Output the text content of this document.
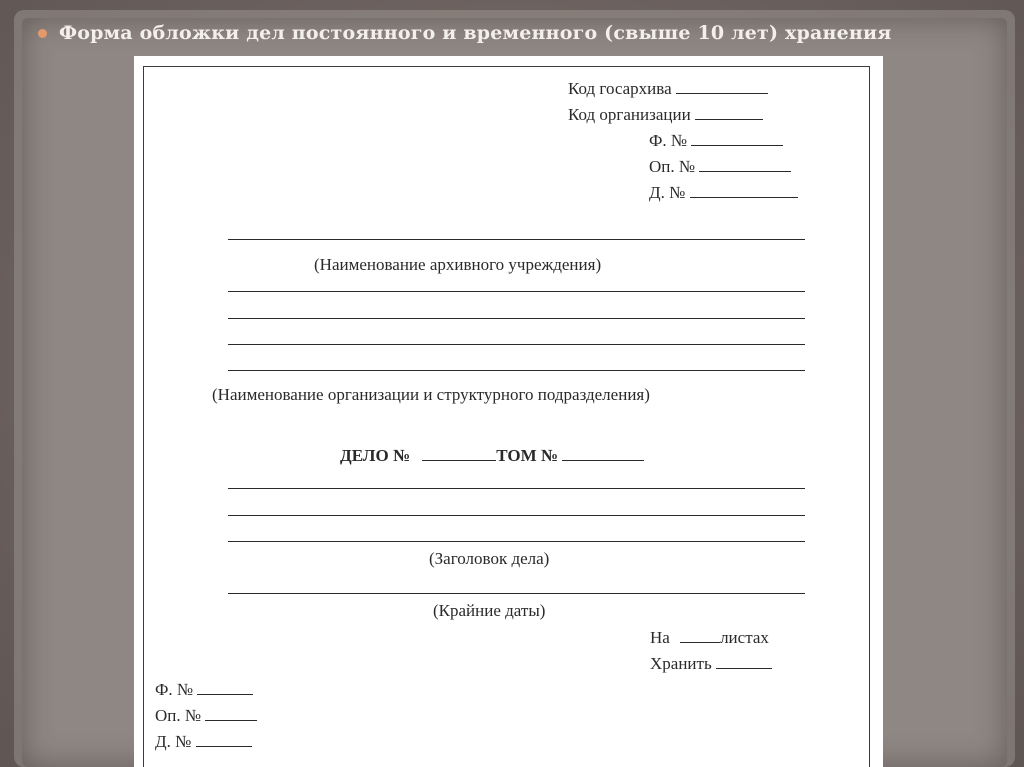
Форма обложки дел постоянного и временного (свыше 10 лет) хранения
Код госархива
Код организации
Ф. №
Оп. №
Д. №
(Наименование архивного учреждения)
(Наименование организации и структурного подразделения)
ДЕЛО №	ТОМ №
(Заголовок дела)
(Крайние даты)
На	листах
Хранить
Ф. №
Оп. №
Д. №
